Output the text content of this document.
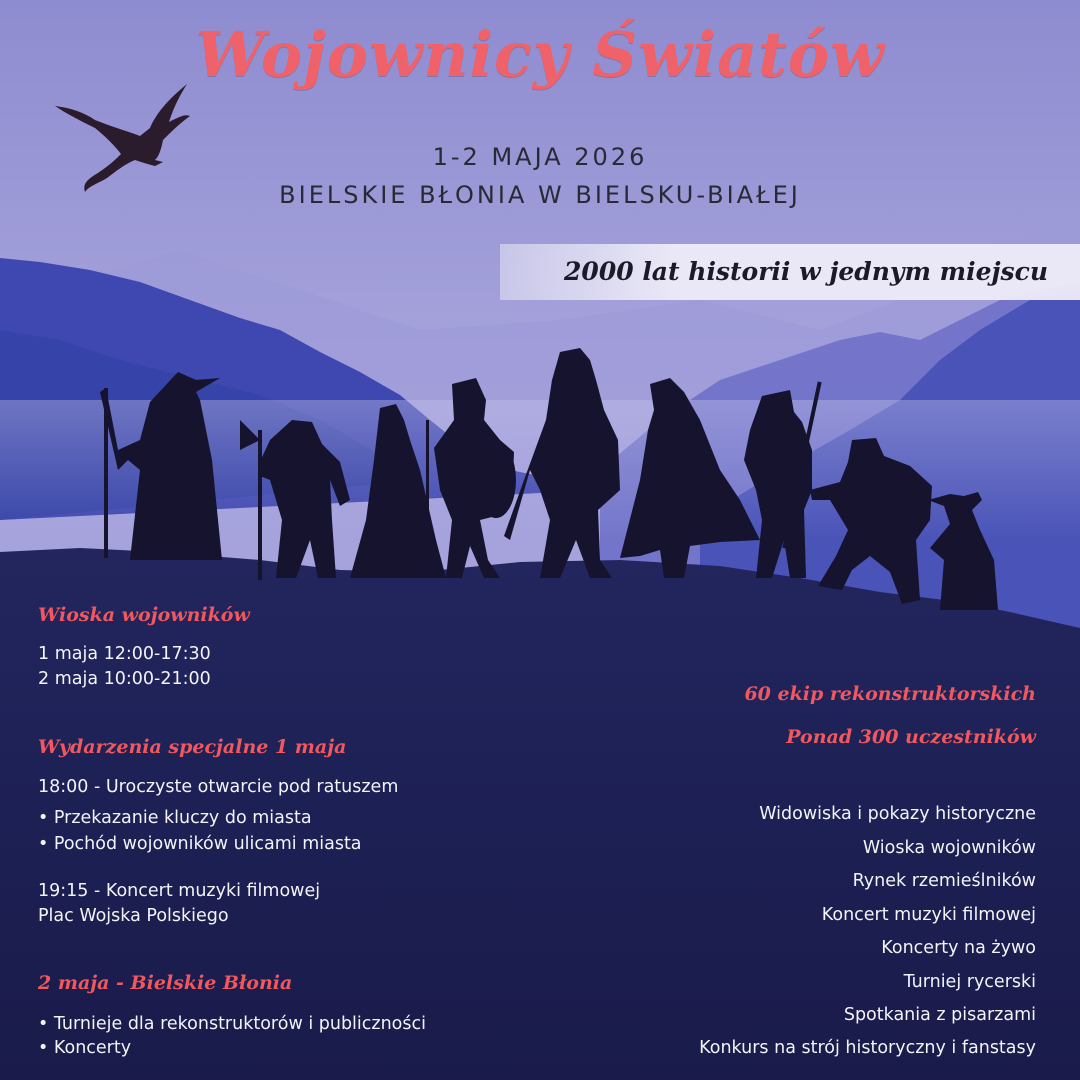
Wojownicy Światów
1-2 MAJA 2026
BIELSKIE BŁONIA W BIELSKU-BIAŁEJ
2000 lat historii w jednym miejscu
Wioska wojowników
1 maja 12:00-17:30
2 maja 10:00-21:00
Wydarzenia specjalne 1 maja
18:00 - Uroczyste otwarcie pod ratuszem
• Przekazanie kluczy do miasta
• Pochód wojowników ulicami miasta
19:15 - Koncert muzyki filmowej
Plac Wojska Polskiego
2 maja - Bielskie Błonia
• Turnieje dla rekonstruktorów i publiczności
• Koncerty
60 ekip rekonstruktorskich
Ponad 300 uczestników
Widowiska i pokazy historyczne
Wioska wojowników
Rynek rzemieślników
Koncert muzyki filmowej
Koncerty na żywo
Turniej rycerski
Spotkania z pisarzami
Konkurs na strój historyczny i fanstasy
